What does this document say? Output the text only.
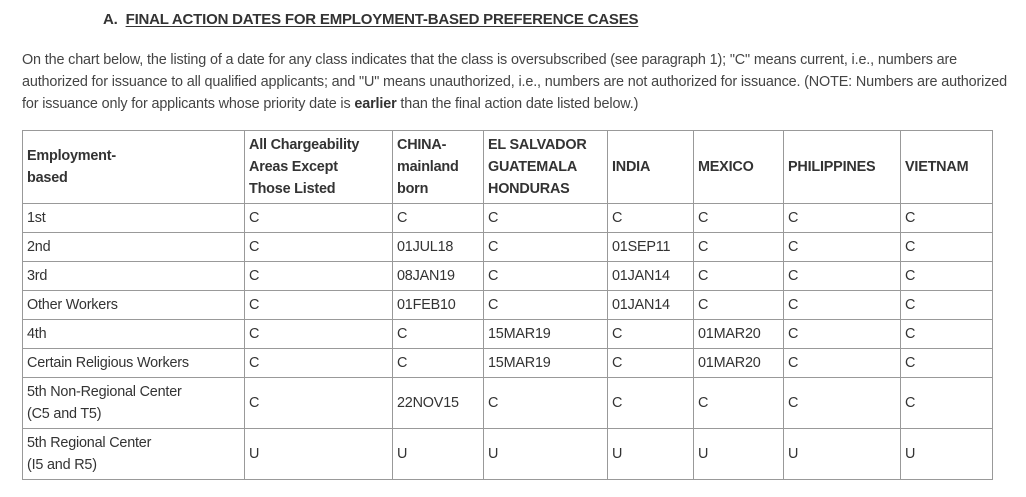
A. FINAL ACTION DATES FOR EMPLOYMENT-BASED PREFERENCE CASES
On the chart below, the listing of a date for any class indicates that the class is oversubscribed (see paragraph 1); "C" means current, i.e., numbers are authorized for issuance to all qualified applicants; and "U" means unauthorized, i.e., numbers are not authorized for issuance. (NOTE: Numbers are authorized for issuance only for applicants whose priority date is earlier than the final action date listed below.)
Employment-
based	All Chargeability
Areas Except
Those Listed	CHINA-
mainland
born	EL SALVADOR
GUATEMALA
HONDURAS	INDIA	MEXICO	PHILIPPINES	VIETNAM

1st	C	C	C	C	C	C	C
2nd	C	01JUL18	C	01SEP11	C	C	C
3rd	C	08JAN19	C	01JAN14	C	C	C
Other Workers	C	01FEB10	C	01JAN14	C	C	C
4th	C	C	15MAR19	C	01MAR20	C	C
Certain Religious Workers	C	C	15MAR19	C	01MAR20	C	C

5th Non-Regional Center
(C5 and T5)	C	22NOV15	C	C	C	C	C

5th Regional Center
(I5 and R5)	U	U	U	U	U	U	U
